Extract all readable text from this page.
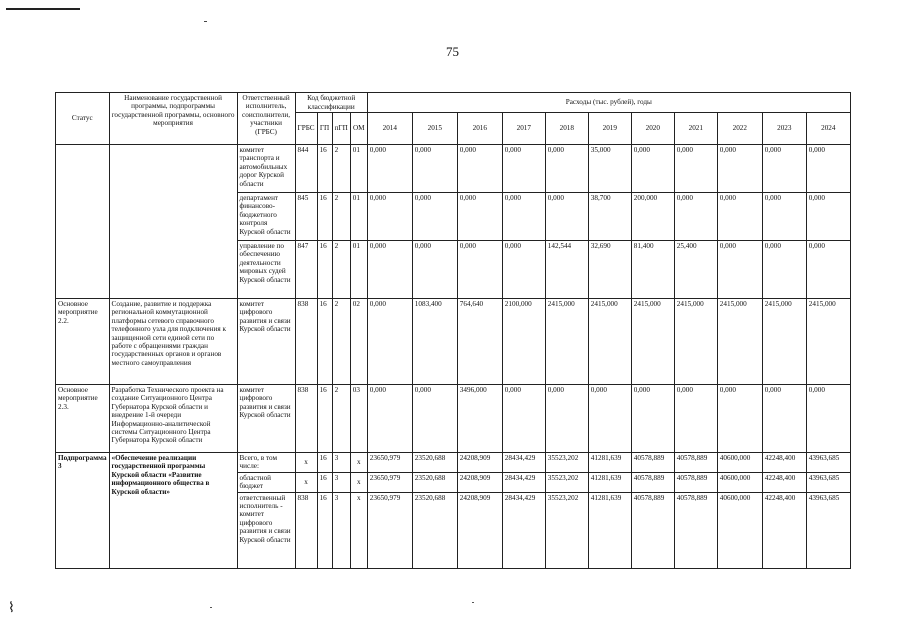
75
Статус	Наименование государственной программы, подпрограммы государственной программы, основного мероприятия	Ответственный исполнитель, соисполнители, участники (ГРБС)	Код бюджетной классификации				Расходы (тыс. рублей), годы										
			ГРБС	ГП	пГП	ОМ	2014	2015	2016	2017	2018	2019	2020	2021	2022	2023	2024
		комитет транспорта и автомобильных дорог Курской области	844	16	2	01	0,000	0,000	0,000	0,000	0,000	35,000	0,000	0,000	0,000	0,000	0,000
		департамент финансово-бюджетного контроля Курской области	845	16	2	01	0,000	0,000	0,000	0,000	0,000	38,700	200,000	0,000	0,000	0,000	0,000
		управление по обеспечению деятельности мировых судей Курской области	847	16	2	01	0,000	0,000	0,000	0,000	142,544	32,690	81,400	25,400	0,000	0,000	0,000
Основное мероприятие 2.2.	Создание, развитие и поддержка региональной коммутационной платформы сетевого справочного телефонного узла для подключения к защищенной сети единой сети по работе с обращениями граждан государственных органов и органов местного самоуправления	комитет цифрового развития и связи Курской области	838	16	2	02	0,000	1083,400	764,640	2100,000	2415,000	2415,000	2415,000	2415,000	2415,000	2415,000	2415,000
Основное мероприятие 2.3.	Разработка Технического проекта на создание Ситуационного Центра Губернатора Курской области и внедрение 1-й очереди Информационно-аналитической системы Ситуационного Центра Губернатора Курской области	комитет цифрового развития и связи Курской области	838	16	2	03	0,000	0,000	3496,000	0,000	0,000	0,000	0,000	0,000	0,000	0,000	0,000
Подпрограмма 3	«Обеспечение реализации государственной программы Курской области «Развитие информационного общества в Курской области»	Всего, в том числе:	x	16	3	x	23650,979	23520,688	24208,909	28434,429	35523,202	41281,639	40578,889	40578,889	40600,000	42248,400	43963,685
		областной бюджет	x	16	3	x	23650,979	23520,688	24208,909	28434,429	35523,202	41281,639	40578,889	40578,889	40600,000	42248,400	43963,685
		ответственный исполнитель - комитет цифрового развития и связи Курской области	838	16	3	x	23650,979	23520,688	24208,909	28434,429	35523,202	41281,639	40578,889	40578,889	40600,000	42248,400	43963,685
⌇
